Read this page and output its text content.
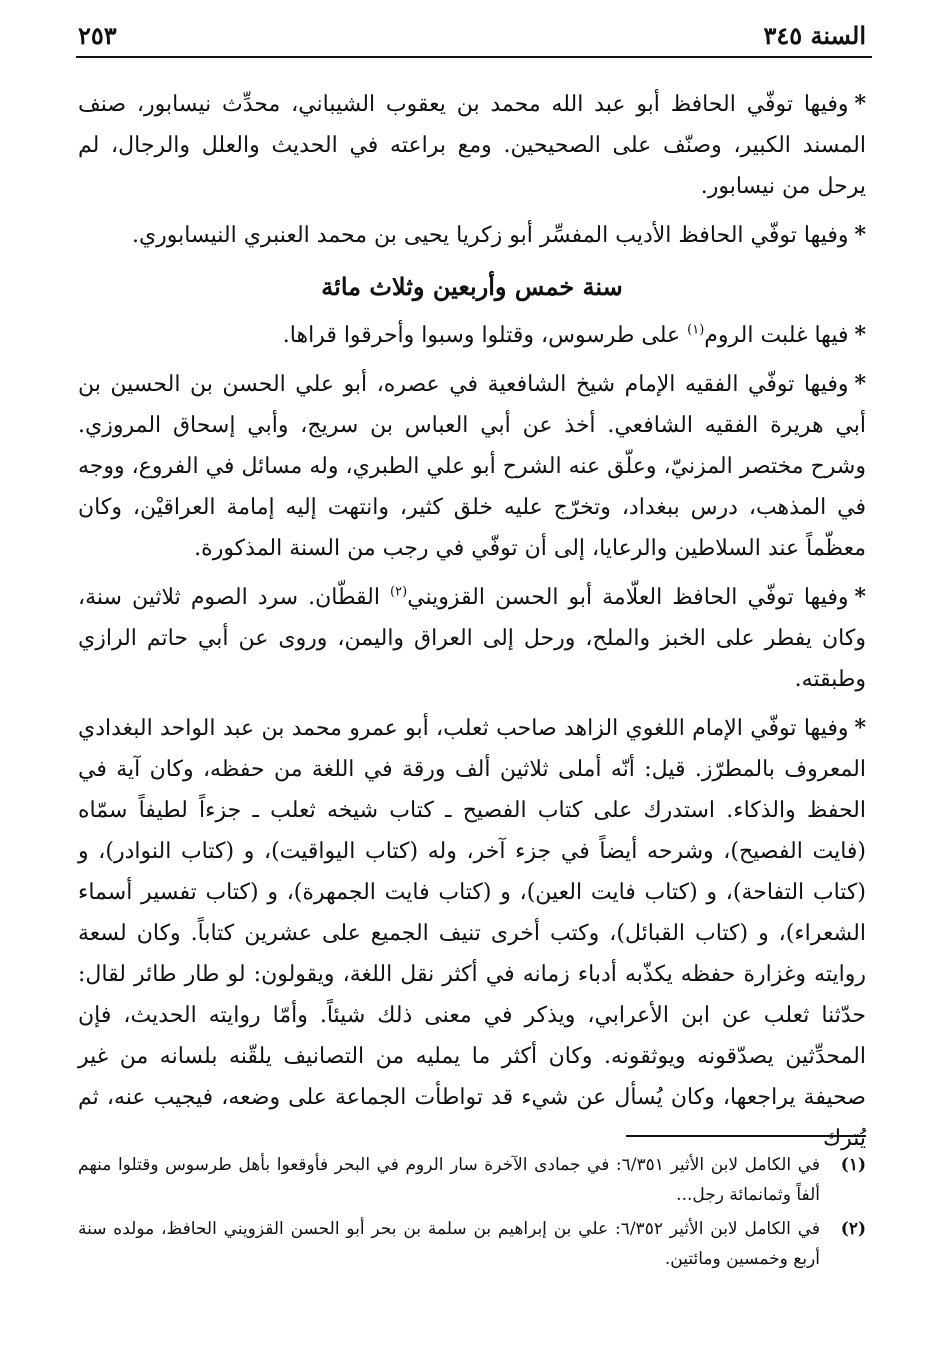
السنة ٣٤٥
٢٥٣

*وفيها توفّي الحافظ أبو عبد الله محمد بن يعقوب الشيباني، محدِّث نيسابور، صنف المسند الكبير، وصنّف على الصحيحين. ومع براعته في الحديث والعلل والرجال، لم يرحل من نيسابور.

*وفيها توفّي الحافظ الأديب المفسِّر أبو زكريا يحيى بن محمد العنبري النيسابوري.

سنة خمس وأربعين وثلاث مائة

*فيها غلبت الروم$^{(١)}$ على طرسوس، وقتلوا وسبوا وأحرقوا قراها.

*وفيها توفّي الفقيه الإمام شيخ الشافعية في عصره، أبو علي الحسن بن الحسين بن أبي هريرة الفقيه الشافعي. أخذ عن أبي العباس بن سريج، وأبي إسحاق المروزي. وشرح مختصر المزنيّ، وعلّق عنه الشرح أبو علي الطبري، وله مسائل في الفروع، ووجه في المذهب، درس ببغداد، وتخرّج عليه خلق كثير، وانتهت إليه إمامة العراقيْن، وكان معظّماً عند السلاطين والرعايا، إلى أن توفّي في رجب من السنة المذكورة.

*وفيها توفّي الحافظ العلّامة أبو الحسن القزويني$^{(٢)}$ القطّان. سرد الصوم ثلاثين سنة، وكان يفطر على الخبز والملح، ورحل إلى العراق واليمن، وروى عن أبي حاتم الرازي وطبقته.

*وفيها توفّي الإمام اللغوي الزاهد صاحب ثعلب، أبو عمرو محمد بن عبد الواحد البغدادي المعروف بالمطرّز. قيل: أنّه أملى ثلاثين ألف ورقة في اللغة من حفظه، وكان آية في الحفظ والذكاء. استدرك على كتاب الفصيح ـ كتاب شيخه ثعلب ـ جزءاً لطيفاً سمّاه (فايت الفصيح)، وشرحه أيضاً في جزء آخر، وله (كتاب اليواقيت)، و (كتاب النوادر)، و (كتاب التفاحة)، و (كتاب فايت العين)، و (كتاب فايت الجمهرة)، و (كتاب تفسير أسماء الشعراء)، و (كتاب القبائل)، وكتب أخرى تنيف الجميع على عشرين كتاباً. وكان لسعة روايته وغزارة حفظه يكذّبه أدباء زمانه في أكثر نقل اللغة، ويقولون: لو طار طائر لقال: حدّثنا ثعلب عن ابن الأعرابي، ويذكر في معنى ذلك شيئاً. وأمّا روايته الحديث، فإن المحدِّثين يصدّقونه ويوثقونه. وكان أكثر ما يمليه من التصانيف يلقّنه بلسانه من غير صحيفة يراجعها، وكان يُسأل عن شيء قد تواطأت الجماعة على وضعه، فيجيب عنه، ثم يُترك

(١)
في الكامل لابن الأثير ٦/٣٥١: في جمادى الآخرة سار الروم في البحر فأوقعوا بأهل طرسوس وقتلوا منهم ألفاً وثمانمائة رجل...
(٢)
في الكامل لابن الأثير ٦/٣٥٢: علي بن إبراهيم بن سلمة بن بحر أبو الحسن القزويني الحافظ، مولده سنة أربع وخمسين ومائتين.
